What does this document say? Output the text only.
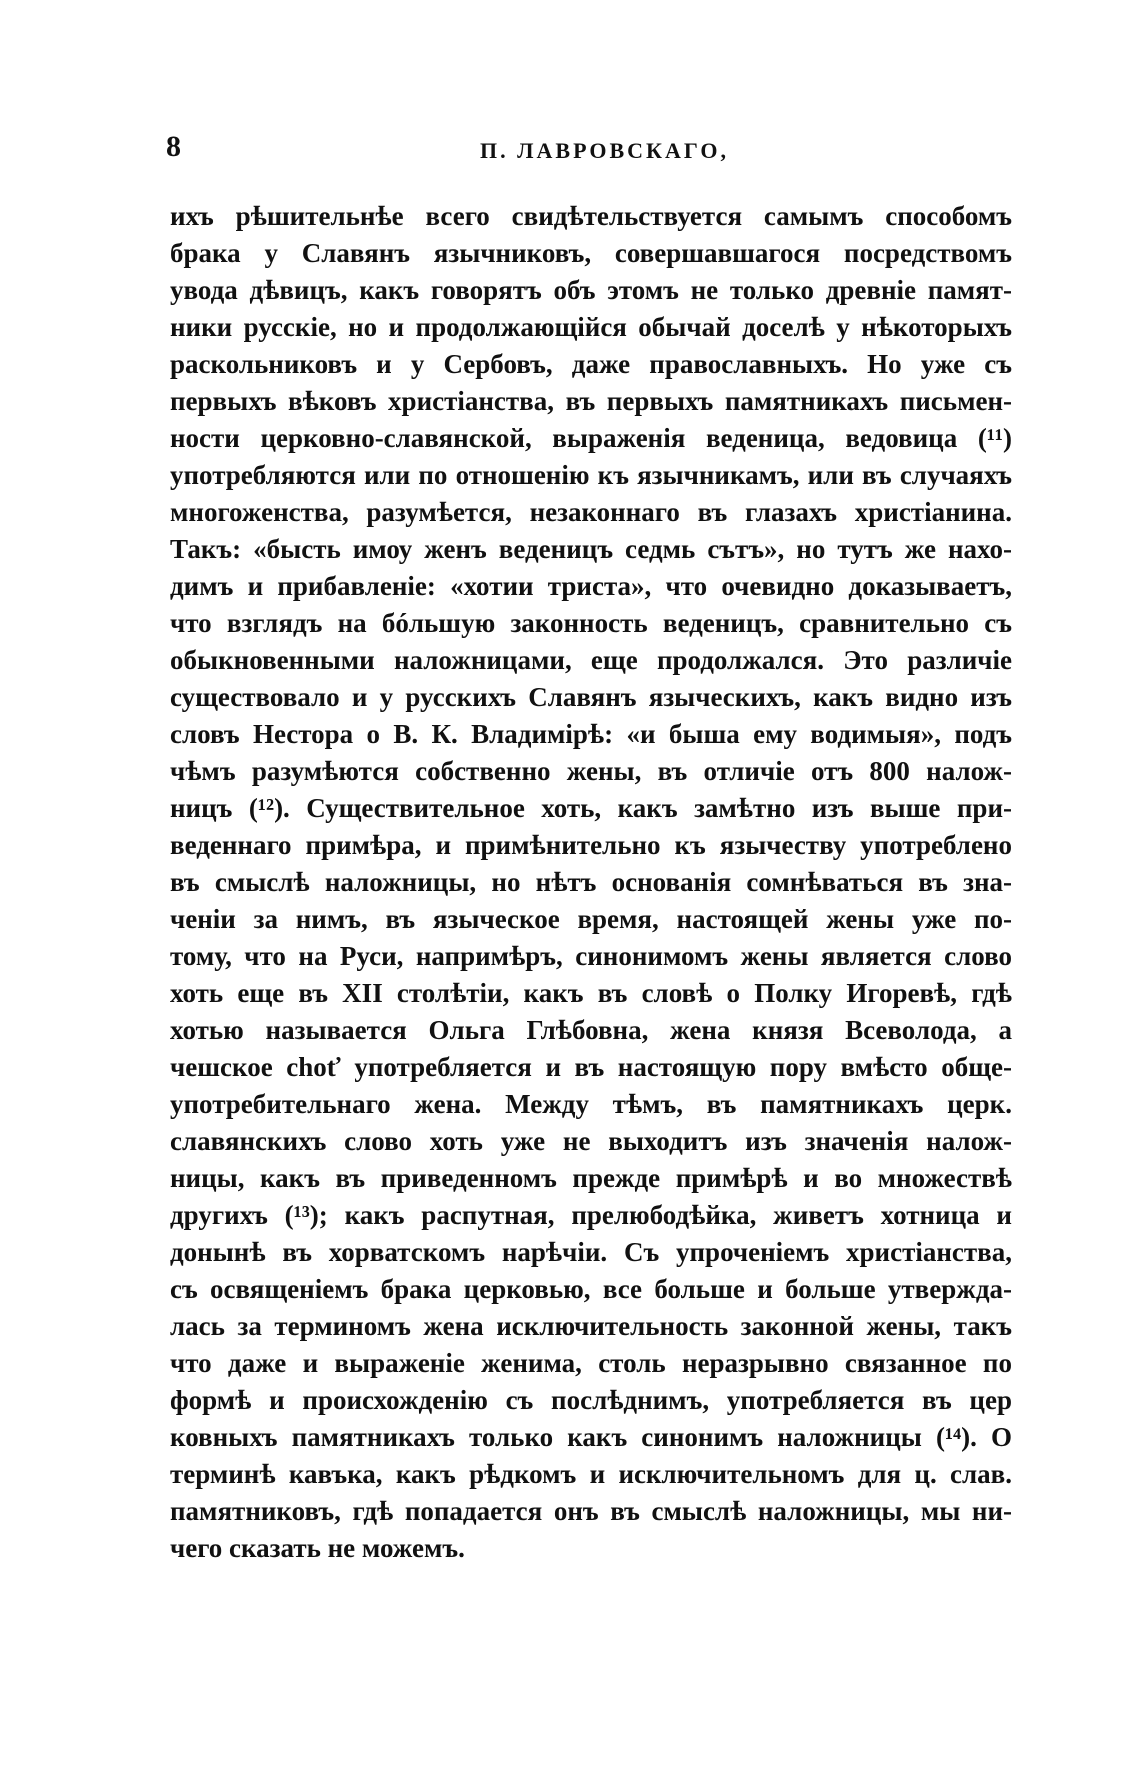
8	П. ЛАВРОВСКАГО,
ихъ рѣшительнѣе всего свидѣтельствуется самымъ способомъ
брака у Славянъ язычниковъ, совершавшагося посредствомъ
увода дѣвицъ, какъ говорятъ объ этомъ не только древніе памят-
ники русскіе, но и продолжающійся обычай доселѣ у нѣкоторыхъ
раскольниковъ и у Сербовъ, даже православныхъ. Но уже съ
первыхъ вѣковъ христіанства, въ первыхъ памятникахъ письмен-
ности церковно-славянской, выраженія веденица, ведовица (¹¹)
употребляются или по отношенію къ язычникамъ, или въ случаяхъ
многоженства, разумѣется, незаконнаго въ глазахъ христіанина.
Такъ: «бысть имоу женъ веденицъ седмь сътъ», но тутъ же нахо-
димъ и прибавленіе: «хотии триста», что очевидно доказываетъ,
что взглядъ на бóльшую законность веденицъ, сравнительно съ
обыкновенными наложницами, еще продолжался. Это различіе
существовало и у русскихъ Славянъ языческихъ, какъ видно изъ
словъ Нестора о В. К. Владимірѣ: «и быша ему водимыя», подъ
чѣмъ разумѣются собственно жены, въ отличіе отъ 800 налож-
ницъ (¹²). Существительное хоть, какъ замѣтно изъ выше при-
веденнаго примѣра, и примѣнительно къ язычеству употреблено
въ смыслѣ наложницы, но нѣтъ основанія сомнѣваться въ зна-
ченіи за нимъ, въ языческое время, настоящей жены уже по-
тому, что на Руси, напримѣръ, синонимомъ жены является слово
хоть еще въ XII столѣтіи, какъ въ словѣ о Полку Игоревѣ, гдѣ
хотью называется Ольга Глѣбовна, жена князя Всеволода, а
чешское choť употребляется и въ настоящую пору вмѣсто обще-
употребительнаго жена. Между тѣмъ, въ памятникахъ церк.
славянскихъ слово хоть уже не выходитъ изъ значенія налож-
ницы, какъ въ приведенномъ прежде примѣрѣ и во множествѣ
другихъ (¹³); какъ распутная, прелюбодѣйка, живетъ хотница и
донынѣ въ хорватскомъ нарѣчіи. Съ упроченіемъ христіанства,
съ освященіемъ брака церковью, все больше и больше утвержда-
лась за терминомъ жена исключительность законной жены, такъ
что даже и выраженіе женима, столь неразрывно связанное по
формѣ и происхожденію съ послѣднимъ, употребляется въ цер
ковныхъ памятникахъ только какъ синонимъ наложницы (¹⁴). О
терминѣ кавъка, какъ рѣдкомъ и исключительномъ для ц. слав.
памятниковъ, гдѣ попадается онъ въ смыслѣ наложницы, мы ни-
чего сказать не можемъ.
